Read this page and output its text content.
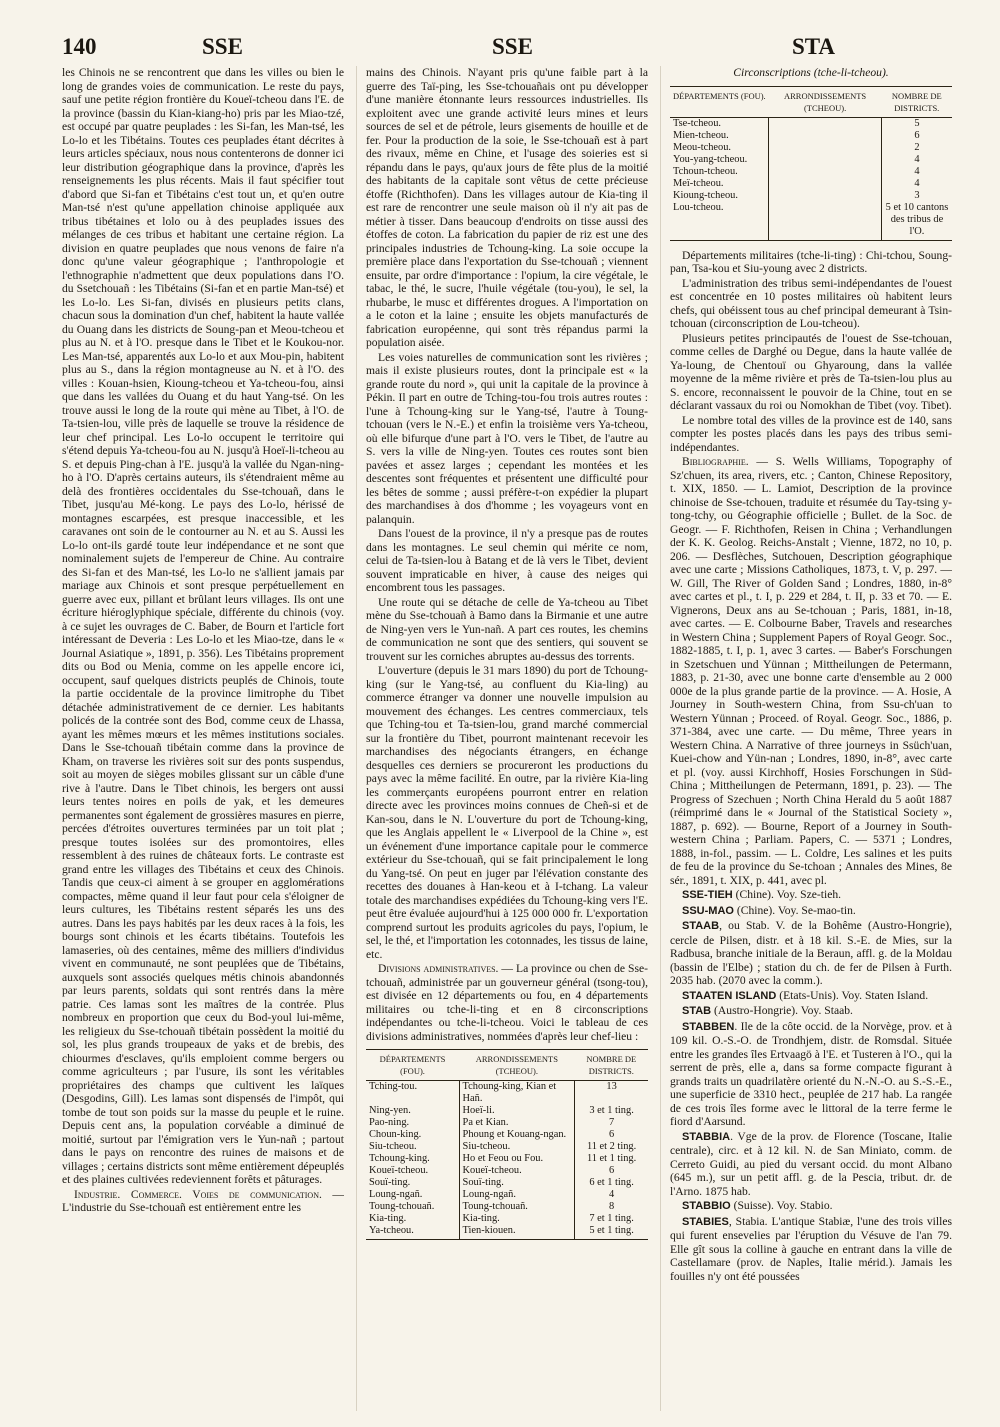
140	SSE	SSE	STA

les Chinois ne se rencontrent que dans les villes ou bien le long de grandes voies de communication. Le reste du pays, sauf une petite région frontière du Koueï-tcheou dans l'E. de la province (bassin du Kian-kiang-ho) pris par les Miao-tzé, est occupé par quatre peuplades : les Si-fan, les Man-tsé, les Lo-lo et les Tibétains. Toutes ces peuplades étant décrites à leurs articles spéciaux, nous nous contenterons de donner ici leur distribution géographique dans la province, d'après les renseignements les plus récents. Mais il faut spécifier tout d'abord que Si-fan et Tibétains c'est tout un, et qu'en outre Man-tsé n'est qu'une appellation chinoise appliquée aux tribus tibétaines et lolo ou à des peuplades issues des mélanges de ces tribus et habitant une certaine région. La division en quatre peuplades que nous venons de faire n'a donc qu'une valeur géographique ; l'anthropologie et l'ethnographie n'admettent que deux populations dans l'O. du Ssetchouañ : les Tibétains (Si-fan et en partie Man-tsé) et les Lo-lo. Les Si-fan, divisés en plusieurs petits clans, chacun sous la domination d'un chef, habitent la haute vallée du Ouang dans les districts de Soung-pan et Meou-tcheou et plus au N. et à l'O. presque dans le Tibet et le Koukou-nor. Les Man-tsé, apparentés aux Lo-lo et aux Mou-pin, habitent plus au S., dans la région montagneuse au N. et à l'O. des villes : Kouan-hsien, Kioung-tcheou et Ya-tcheou-fou, ainsi que dans les vallées du Ouang et du haut Yang-tsé. On les trouve aussi le long de la route qui mène au Tibet, à l'O. de Ta-tsien-lou, ville près de laquelle se trouve la résidence de leur chef principal. Les Lo-lo occupent le territoire qui s'étend depuis Ya-tcheou-fou au N. jusqu'à Hoeï-li-tcheou au S. et depuis Ping-chan à l'E. jusqu'à la vallée du Ngan-ning-ho à l'O. D'après certains auteurs, ils s'étendraient même au delà des frontières occidentales du Sse-tchouañ, dans le Tibet, jusqu'au Mé-kong. Le pays des Lo-lo, hérissé de montagnes escarpées, est presque inaccessible, et les caravanes ont soin de le contourner au N. et au S. Aussi les Lo-lo ont-ils gardé toute leur indépendance et ne sont que nominalement sujets de l'empereur de Chine. Au contraire des Si-fan et des Man-tsé, les Lo-lo ne s'allient jamais par mariage aux Chinois et sont presque perpétuellement en guerre avec eux, pillant et brûlant leurs villages. Ils ont une écriture hiéroglyphique spéciale, différente du chinois (voy. à ce sujet les ouvrages de C. Baber, de Bourn et l'article fort intéressant de Deveria : Les Lo-lo et les Miao-tze, dans le « Journal Asiatique », 1891, p. 356). Les Tibétains proprement dits ou Bod ou Menia, comme on les appelle encore ici, occupent, sauf quelques districts peuplés de Chinois, toute la partie occidentale de la province limitrophe du Tibet détachée administrativement de ce dernier. Les habitants policés de la contrée sont des Bod, comme ceux de Lhassa, ayant les mêmes mœurs et les mêmes institutions sociales. Dans le Sse-tchouañ tibétain comme dans la province de Kham, on traverse les rivières soit sur des ponts suspendus, soit au moyen de sièges mobiles glissant sur un câble d'une rive à l'autre. Dans le Tibet chinois, les bergers ont aussi leurs tentes noires en poils de yak, et les demeures permanentes sont également de grossières masures en pierre, percées d'étroites ouvertures terminées par un toit plat ; presque toutes isolées sur des promontoires, elles ressemblent à des ruines de châteaux forts. Le contraste est grand entre les villages des Tibétains et ceux des Chinois. Tandis que ceux-ci aiment à se grouper en agglomérations compactes, même quand il leur faut pour cela s'éloigner de leurs cultures, les Tibétains restent séparés les uns des autres. Dans les pays habités par les deux races à la fois, les bourgs sont chinois et les écarts tibétains. Toutefois les lamaseries, où des centaines, même des milliers d'individus vivent en communauté, ne sont peuplées que de Tibétains, auxquels sont associés quelques métis chinois abandonnés par leurs parents, soldats qui sont rentrés dans la mère patrie. Ces lamas sont les maîtres de la contrée. Plus nombreux en proportion que ceux du Bod-youl lui-même, les religieux du Sse-tchouañ tibétain possèdent la moitié du sol, les plus grands troupeaux de yaks et de brebis, des chiourmes d'esclaves, qu'ils emploient comme bergers ou comme agriculteurs ; par l'usure, ils sont les véritables propriétaires des champs que cultivent les laïques (Desgodins, Gill). Les lamas sont dispensés de l'impôt, qui tombe de tout son poids sur la masse du peuple et le ruine. Depuis cent ans, la population corvéable a diminué de moitié, surtout par l'émigration vers le Yun-nañ ; partout dans le pays on rencontre des ruines de maisons et de villages ; certains districts sont même entièrement dépeuplés et des plaines cultivées redeviennent forêts et pâturages.

Industrie. Commerce. Voies de communication. — L'industrie du Sse-tchouañ est entièrement entre les

mains des Chinois. N'ayant pris qu'une faible part à la guerre des Taï-ping, les Sse-tchouañais ont pu développer d'une manière étonnante leurs ressources industrielles. Ils exploitent avec une grande activité leurs mines et leurs sources de sel et de pétrole, leurs gisements de houille et de fer. Pour la production de la soie, le Sse-tchouañ est à part des rivaux, même en Chine, et l'usage des soieries est si répandu dans le pays, qu'aux jours de fête plus de la moitié des habitants de la capitale sont vêtus de cette précieuse étoffe (Richthofen). Dans les villages autour de Kia-ting il est rare de rencontrer une seule maison où il n'y ait pas de métier à tisser. Dans beaucoup d'endroits on tisse aussi des étoffes de coton. La fabrication du papier de riz est une des principales industries de Tchoung-king. La soie occupe la première place dans l'exportation du Sse-tchouañ ; viennent ensuite, par ordre d'importance : l'opium, la cire végétale, le tabac, le thé, le sucre, l'huile végétale (tou-you), le sel, la rhubarbe, le musc et différentes drogues. A l'importation on a le coton et la laine ; ensuite les objets manufacturés de fabrication européenne, qui sont très répandus parmi la population aisée.

Les voies naturelles de communication sont les rivières ; mais il existe plusieurs routes, dont la principale est « la grande route du nord », qui unit la capitale de la province à Pékin. Il part en outre de Tching-tou-fou trois autres routes : l'une à Tchoung-king sur le Yang-tsé, l'autre à Toung-tchouan (vers le N.-E.) et enfin la troisième vers Ya-tcheou, où elle bifurque d'une part à l'O. vers le Tibet, de l'autre au S. vers la ville de Ning-yen. Toutes ces routes sont bien pavées et assez larges ; cependant les montées et les descentes sont fréquentes et présentent une difficulté pour les bêtes de somme ; aussi préfère-t-on expédier la plupart des marchandises à dos d'homme ; les voyageurs vont en palanquin.

Dans l'ouest de la province, il n'y a presque pas de routes dans les montagnes. Le seul chemin qui mérite ce nom, celui de Ta-tsien-lou à Batang et de là vers le Tibet, devient souvent impraticable en hiver, à cause des neiges qui encombrent tous les passages.

Une route qui se détache de celle de Ya-tcheou au Tibet mène du Sse-tchouañ à Bamo dans la Birmanie et une autre de Ning-yen vers le Yun-nañ. A part ces routes, les chemins de communication ne sont que des sentiers, qui souvent se trouvent sur les corniches abruptes au-dessus des torrents.

L'ouverture (depuis le 31 mars 1890) du port de Tchoung-king (sur le Yang-tsé, au confluent du Kia-ling) au commerce étranger va donner une nouvelle impulsion au mouvement des échanges. Les centres commerciaux, tels que Tching-tou et Ta-tsien-lou, grand marché commercial sur la frontière du Tibet, pourront maintenant recevoir les marchandises des négociants étrangers, en échange desquelles ces derniers se procureront les productions du pays avec la même facilité. En outre, par la rivière Kia-ling les commerçants européens pourront entrer en relation directe avec les provinces moins connues de Cheñ-si et de Kan-sou, dans le N. L'ouverture du port de Tchoung-king, que les Anglais appellent le « Liverpool de la Chine », est un événement d'une importance capitale pour le commerce extérieur du Sse-tchouañ, qui se fait principalement le long du Yang-tsé. On peut en juger par l'élévation constante des recettes des douanes à Han-keou et à I-tchang. La valeur totale des marchandises expédiées du Tchoung-king vers l'E. peut être évaluée aujourd'hui à 125 000 000 fr. L'exportation comprend surtout les produits agricoles du pays, l'opium, le sel, le thé, et l'importation les cotonnades, les tissus de laine, etc.

Divisions administratives. — La province ou chen de Sse-tchouañ, administrée par un gouverneur général (tsong-tou), est divisée en 12 départements ou fou, en 4 départements militaires ou tche-li-ting et en 8 circonscriptions indépendantes ou tche-li-tcheou. Voici le tableau de ces divisions administratives, nommées d'après leur chef-lieu :

DÉPARTEMENTS (FOU).	ARRONDISSEMENTS (TCHEOU).	NOMBRE DE DISTRICTS.
Tching-tou.	Tchoung-king, Kian et Hañ.	13
Ning-yen.	Hoeï-li.	3 et 1 ting.
Pao-ning.	Pa et Kian.	7
Choun-king.	Phoung et Kouang-ngan.	6
Siu-tcheou.	Siu-tcheou.	11 et 2 ting.
Tchoung-king.	Ho et Feou ou Fou.	11 et 1 ting.
Koueï-tcheou.	Koueï-tcheou.	6
Souï-ting.	Souï-ting.	6 et 1 ting.
Loung-ngañ.	Loung-ngañ.	4
Toung-tchouañ.	Toung-tchouañ.	8
Kia-ting.	Kia-ting.	7 et 1 ting.
Ya-tcheou.	Tien-kiouen.	5 et 1 ting.
Circonscriptions (tche-li-tcheou).
DÉPARTEMENTS (FOU).	ARRONDISSEMENTS (TCHEOU).	NOMBRE DE DISTRICTS.
Tse-tcheou.		5
Mien-tcheou.		6
Meou-tcheou.		2
You-yang-tcheou.		4
Tchoun-tcheou.		4
Meï-tcheou.		4
Kioung-tcheou.		3
Lou-tcheou.		5 et 10 cantons des tribus de l'O.

Départements militaires (tche-li-ting) : Chi-tchou, Soung-pan, Tsa-kou et Siu-young avec 2 districts.

L'administration des tribus semi-indépendantes de l'ouest est concentrée en 10 postes militaires où habitent leurs chefs, qui obéissent tous au chef principal demeurant à Tsin-tchouan (circonscription de Lou-tcheou).

Plusieurs petites principautés de l'ouest de Sse-tchouan, comme celles de Darghé ou Degue, dans la haute vallée de Ya-loung, de Chentouï ou Ghyaroung, dans la vallée moyenne de la même rivière et près de Ta-tsien-lou plus au S. encore, reconnaissent le pouvoir de la Chine, tout en se déclarant vassaux du roi ou Nomokhan de Tibet (voy. Tibet).

Le nombre total des villes de la province est de 140, sans compter les postes placés dans les pays des tribus semi-indépendantes.

Bibliographie. — S. Wells Williams, Topography of Sz'chuen, its area, rivers, etc. ; Canton, Chinese Repository, t. XIX, 1850. — L. Lamiot, Description de la province chinoise de Sse-tchouen, traduite et résumée du Tay-tsing y-tong-tchy, ou Géographie officielle ; Bullet. de la Soc. de Geogr. — F. Richthofen, Reisen in China ; Verhandlungen der K. K. Geolog. Reichs-Anstalt ; Vienne, 1872, no 10, p. 206. — Desflèches, Sutchouen, Description géographique avec une carte ; Missions Catholiques, 1873, t. V, p. 297. — W. Gill, The River of Golden Sand ; Londres, 1880, in-8° avec cartes et pl., t. I, p. 229 et 284, t. II, p. 33 et 70. — E. Vignerons, Deux ans au Se-tchouan ; Paris, 1881, in-18, avec cartes. — E. Colbourne Baber, Travels and researches in Western China ; Supplement Papers of Royal Geogr. Soc., 1882-1885, t. I, p. 1, avec 3 cartes. — Baber's Forschungen in Szetschuen und Yünnan ; Mittheilungen de Petermann, 1883, p. 21-30, avec une bonne carte d'ensemble au 2 000 000e de la plus grande partie de la province. — A. Hosie, A Journey in South-western China, from Ssu-ch'uan to Western Yünnan ; Proceed. of Royal. Geogr. Soc., 1886, p. 371-384, avec une carte. — Du même, Three years in Western China. A Narrative of three journeys in Ssüch'uan, Kuei-chow and Yün-nan ; Londres, 1890, in-8°, avec carte et pl. (voy. aussi Kirchhoff, Hosies Forschungen in Süd-China ; Mittheilungen de Petermann, 1891, p. 23). — The Progress of Szechuen ; North China Herald du 5 août 1887 (réimprimé dans le « Journal of the Statistical Society », 1887, p. 692). — Bourne, Report of a Journey in South-western China ; Parliam. Papers, C. — 5371 ; Londres, 1888, in-fol., passim. — L. Coldre, Les salines et les puits de feu de la province du Se-tchoan ; Annales des Mines, 8e sér., 1891, t. XIX, p. 441, avec pl.

SSE-TIEH (Chine). Voy. Sze-tieh.

SSU-MAO (Chine). Voy. Se-mao-tin.

STAAB, ou Stab. V. de la Bohême (Austro-Hongrie), cercle de Pilsen, distr. et à 18 kil. S.-E. de Mies, sur la Radbusa, branche initiale de la Beraun, affl. g. de la Moldau (bassin de l'Elbe) ; station du ch. de fer de Pilsen à Furth. 2035 hab. (2070 avec la comm.).

STAATEN ISLAND (Etats-Unis). Voy. Staten Island.

STAB (Austro-Hongrie). Voy. Staab.

STABBEN. Ile de la côte occid. de la Norvège, prov. et à 109 kil. O.-S.-O. de Trondhjem, distr. de Romsdal. Située entre les grandes îles Ertvaagö à l'E. et Tusteren à l'O., qui la serrent de près, elle a, dans sa forme compacte figurant à grands traits un quadrilatère orienté du N.-N.-O. au S.-S.-E., une superficie de 3310 hect., peuplée de 217 hab. La rangée de ces trois îles forme avec le littoral de la terre ferme le fiord d'Aarsund.

STABBIA. Vge de la prov. de Florence (Toscane, Italie centrale), circ. et à 12 kil. N. de San Miniato, comm. de Cerreto Guidi, au pied du versant occid. du mont Albano (645 m.), sur un petit affl. g. de la Pescia, tribut. dr. de l'Arno. 1875 hab.

STABBIO (Suisse). Voy. Stabio.

STABIES, Stabia. L'antique Stabiæ, l'une des trois villes qui furent ensevelies par l'éruption du Vésuve de l'an 79. Elle gît sous la colline à gauche en entrant dans la ville de Castellamare (prov. de Naples, Italie mérid.). Jamais les fouilles n'y ont été poussées
